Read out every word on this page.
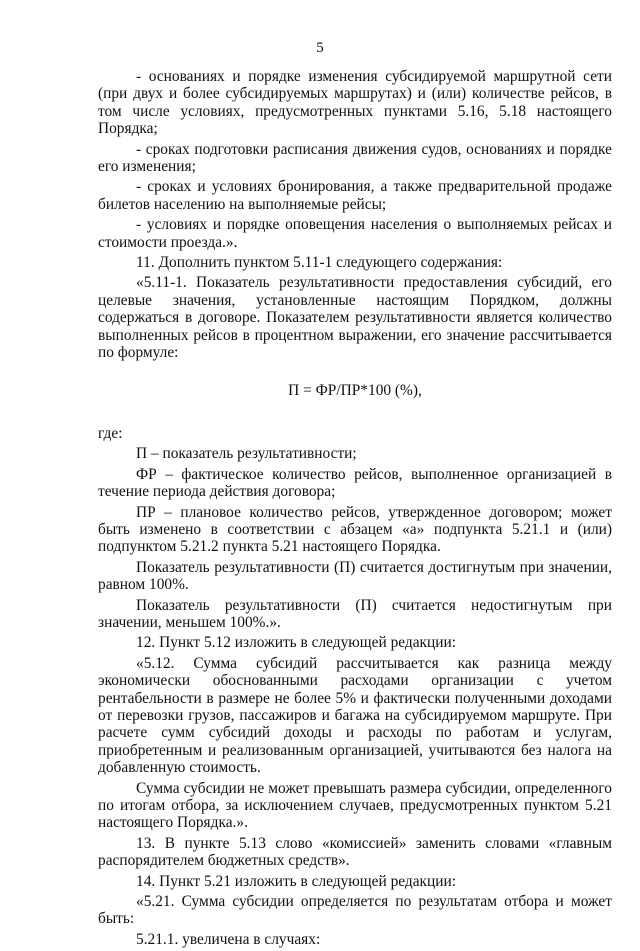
5

- основаниях и порядке изменения субсидируемой маршрутной сети (при двух и более субсидируемых маршрутах) и (или) количестве рейсов, в том числе условиях, предусмотренных пунктами 5.16, 5.18 настоящего Порядка;

- сроках подготовки расписания движения судов, основаниях и порядке его изменения;

- сроках и условиях бронирования, а также предварительной продаже билетов населению на выполняемые рейсы;

- условиях и порядке оповещения населения о выполняемых рейсах и стоимости проезда.».

11. Дополнить пунктом 5.11-1 следующего содержания:

«5.11-1. Показатель результативности предоставления субсидий, его целевые значения, установленные настоящим Порядком, должны содержаться в договоре. Показателем результативности является количество выполненных рейсов в процентном выражении, его значение рассчитывается по формуле:

П = ФР/ПР*100 (%),

где:

П – показатель результативности;

ФР – фактическое количество рейсов, выполненное организацией в течение периода действия договора;

ПР – плановое количество рейсов, утвержденное договором; может быть изменено в соответствии с абзацем «а» подпункта 5.21.1 и (или) подпунктом 5.21.2 пункта 5.21 настоящего Порядка.

Показатель результативности (П) считается достигнутым при значении, равном 100%.

Показатель результативности (П) считается недостигнутым при значении, меньшем 100%.».

12. Пункт 5.12 изложить в следующей редакции:

«5.12. Сумма субсидий рассчитывается как разница между экономически обоснованными расходами организации с учетом рентабельности в размере не более 5% и фактически полученными доходами от перевозки грузов, пассажиров и багажа на субсидируемом маршруте. При расчете сумм субсидий доходы и расходы по работам и услугам, приобретенным и реализованным организацией, учитываются без налога на добавленную стоимость.

Сумма субсидии не может превышать размера субсидии, определенного по итогам отбора, за исключением случаев, предусмотренных пунктом 5.21 настоящего Порядка.».

13. В пункте 5.13 слово «комиссией» заменить словами «главным распорядителем бюджетных средств».

14. Пункт 5.21 изложить в следующей редакции:

«5.21. Сумма субсидии определяется по результатам отбора и может быть:

5.21.1. увеличена в случаях:
